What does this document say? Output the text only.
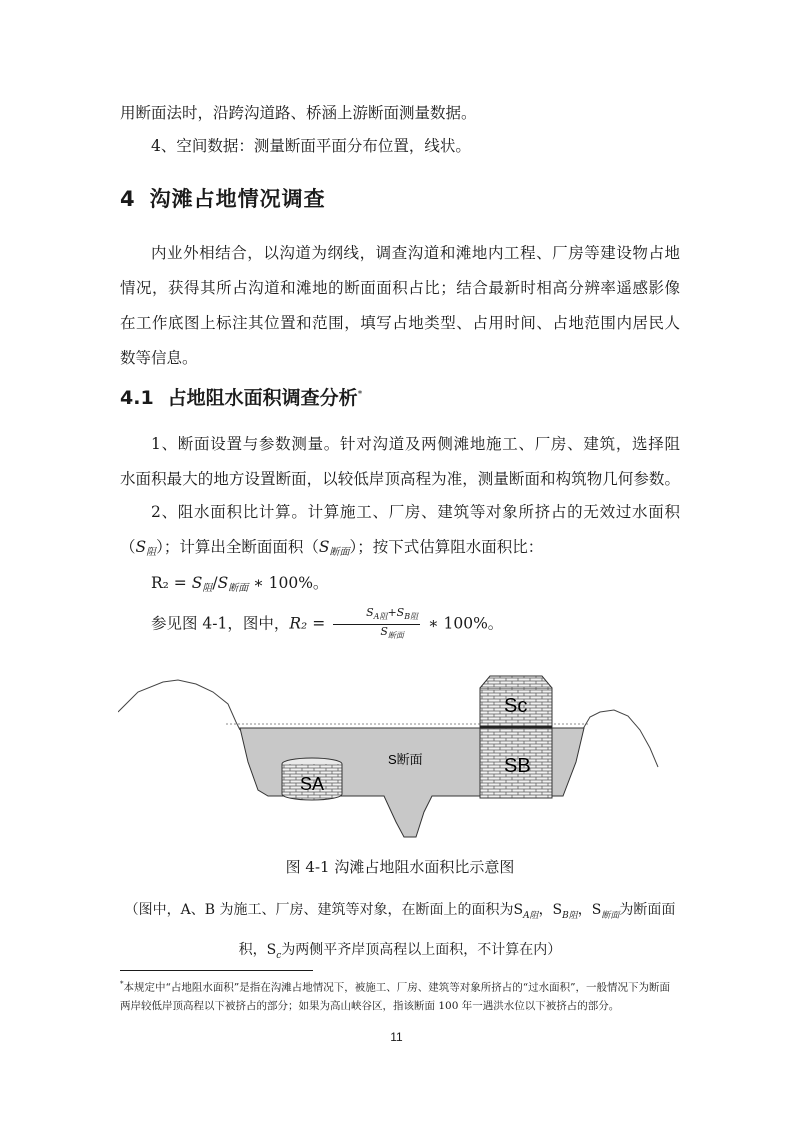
用断面法时，沿跨沟道路、桥涵上游断面测量数据。

4、空间数据：测量断面平面分布位置，线状。

4 沟滩占地情况调查
内业外相结合，以沟道为纲线，调查沟道和滩地内工程、厂房等建设物占地
情况，获得其所占沟道和滩地的断面面积占比；结合最新时相高分辨率遥感影像
在工作底图上标注其位置和范围，填写占地类型、占用时间、占地范围内居民人
数等信息。
4.1 占地阻水面积调查分析*
1、断面设置与参数测量。针对沟道及两侧滩地施工、厂房、建筑，选择阻
水面积最大的地方设置断面，以较低岸顶高程为准，测量断面和构筑物几何参数。
2、阻水面积比计算。计算施工、厂房、建筑等对象所挤占的无效过水面积
（S阻）；计算出全断面面积（S断面）；按下式估算阻水面积比：
R₂ = S阻/S断面 ∗ 100%。
参见图 4-1，图中，$R_2 = \frac{S_{A阻}+S_{B阻}}{S_{断面}}$ ∗ 100%。
Sc
SB
SA
S断面
图 4-1 沟滩占地阻水面积比示意图
（图中，A、B 为施工、厂房、建筑等对象，在断面上的面积为$S_{A阻}$，$S_{B阻}$，$S_{断面}$为断面面
积，$S_c$为两侧平齐岸顶高程以上面积，不计算在内）
*本规定中“占地阻水面积”是指在沟滩占地情况下，被施工、厂房、建筑等对象所挤占的“过水面积”，一般情况下为断面两岸较低岸顶高程以下被挤占的部分；如果为高山峡谷区，指该断面 100 年一遇洪水位以下被挤占的部分。
11
